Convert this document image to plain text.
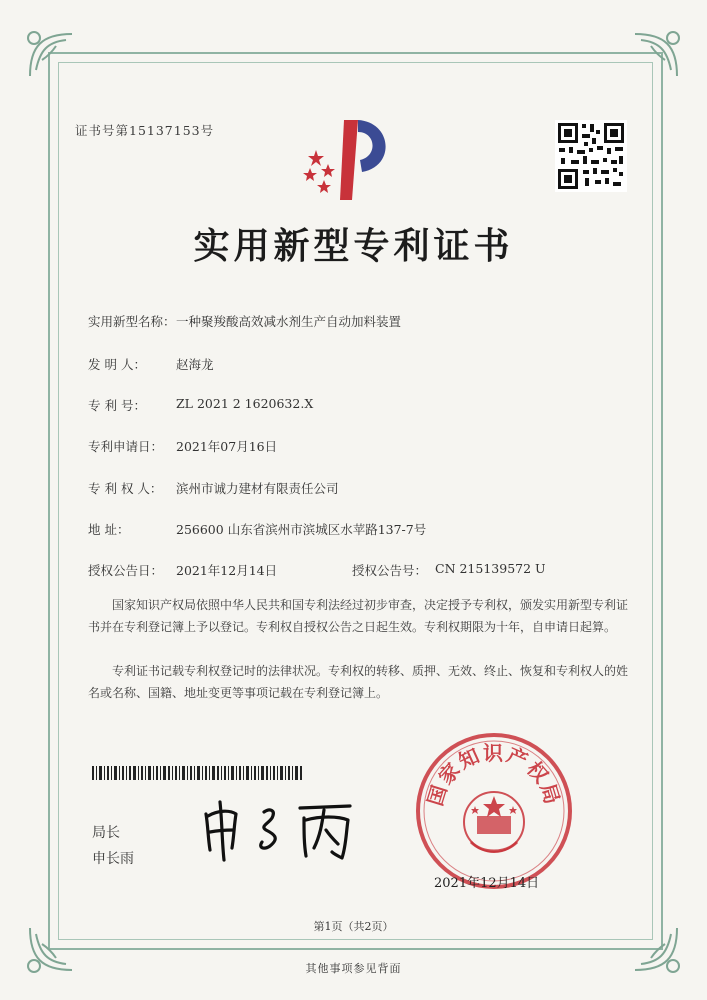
证书号第15137153号
实用新型专利证书
实用新型名称： 一种聚羧酸高效减水剂生产自动加料装置
发 明 人： 赵海龙
专 利 号： ZL 2021 2 1620632.X
专利申请日： 2021年07月16日
专 利 权 人： 滨州市诚力建材有限责任公司
地 址：	256600 山东省滨州市滨城区水苹路137-7号
授权公告日： 2021年12月14日	授权公告号： CN 215139572 U
国家知识产权局依照中华人民共和国专利法经过初步审查，决定授予专利权，颁发实用新型专利证书并在专利登记簿上予以登记。专利权自授权公告之日起生效。专利权期限为十年，自申请日起算。
专利证书记载专利权登记时的法律状况。专利权的转移、质押、无效、终止、恢复和专利权人的姓名或名称、国籍、地址变更等事项记载在专利登记簿上。
局长
申长雨
国家知识产权局
2021年12月14日
第1页（共2页）
其他事项参见背面
